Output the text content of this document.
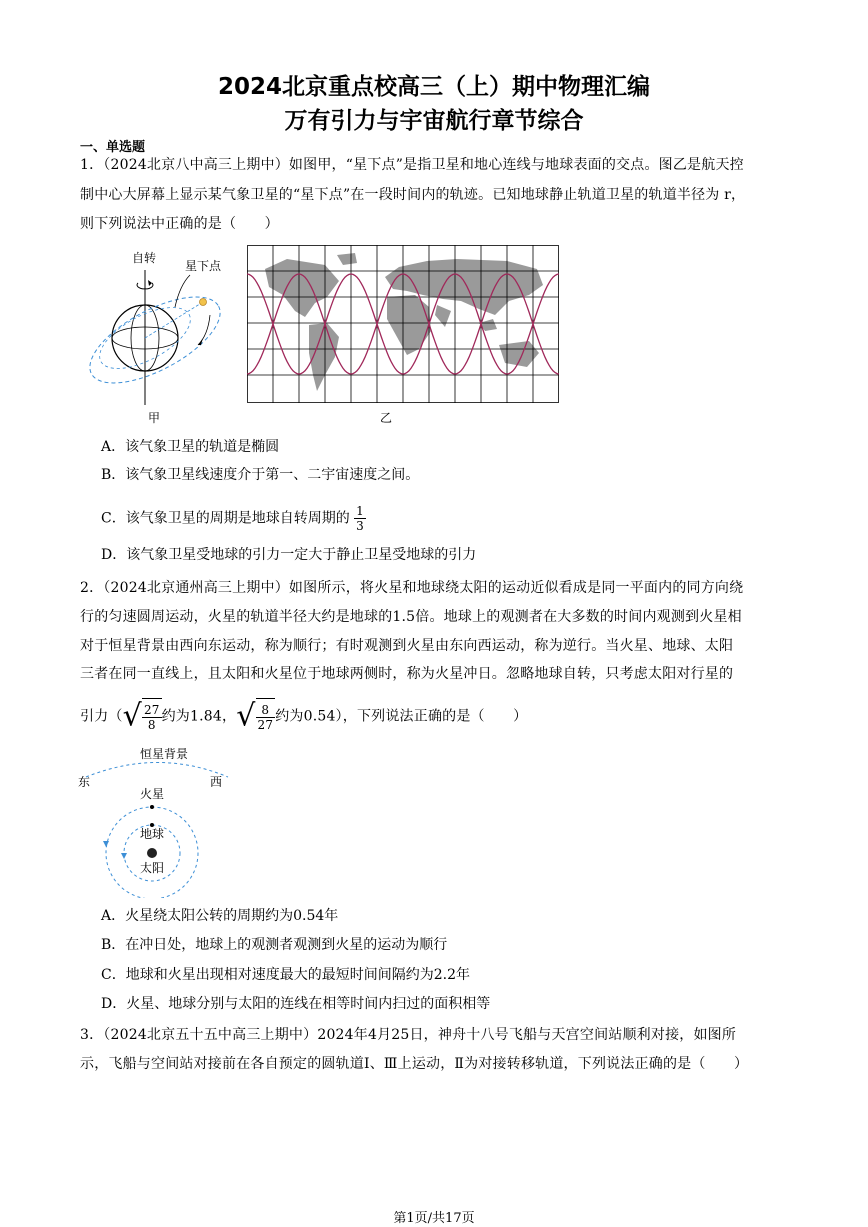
2024北京重点校高三（上）期中物理汇编
万有引力与宇宙航行章节综合
一、单选题
1．（2024北京八中高三上期中）如图甲，“星下点”是指卫星和地心连线与地球表面的交点。图乙是航天控
制中心大屏幕上显示某气象卫星的“星下点”在一段时间内的轨迹。已知地球静止轨道卫星的轨道半径为 r，
则下列说法中正确的是（　　）
自转
星下点
甲	乙
A．该气象卫星的轨道是椭圆
B．该气象卫星线速度介于第一、二宇宙速度之间。
C．该气象卫星的周期是地球自转周期的 $\frac{1}{3}$
D．该气象卫星受地球的引力一定大于静止卫星受地球的引力
2．（2024北京通州高三上期中）如图所示，将火星和地球绕太阳的运动近似看成是同一平面内的同方向绕
行的匀速圆周运动，火星的轨道半径大约是地球的1.5倍。地球上的观测者在大多数的时间内观测到火星相
对于恒星背景由西向东运动，称为顺行；有时观测到火星由东向西运动，称为逆行。当火星、地球、太阳
三者在同一直线上，且太阳和火星位于地球两侧时，称为火星冲日。忽略地球自转，只考虑太阳对行星的
引力（√ $\frac{27}{8}$ 约为1.84，√ $\frac{8}{27}$ 约为0.54），下列说法正确的是（　　）
恒星背景
东	西
火星
地球
太阳
A．火星绕太阳公转的周期约为0.54年
B．在冲日处，地球上的观测者观测到火星的运动为顺行
C．地球和火星出现相对速度最大的最短时间间隔约为2.2年
D．火星、地球分别与太阳的连线在相等时间内扫过的面积相等
3．（2024北京五十五中高三上期中）2024年4月25日，神舟十八号飞船与天宫空间站顺利对接，如图所
示，飞船与空间站对接前在各自预定的圆轨道Ⅰ、Ⅲ上运动，Ⅱ为对接转移轨道，下列说法正确的是（　　）
第1页/共17页
